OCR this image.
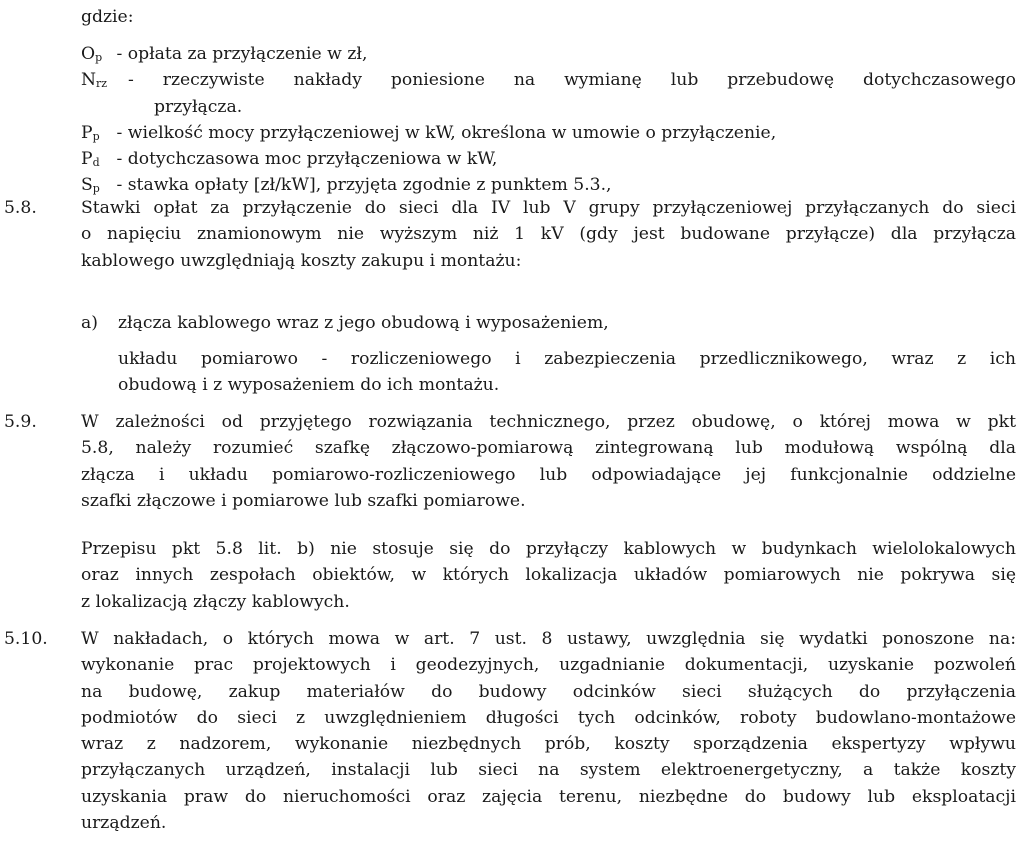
gdzie:
Op - opłata za przyłączenie w zł,
Nrz - rzeczywiste nakłady poniesione na wymianę lub przebudowę dotychczasowego
przyłącza.
Pp - wielkość mocy przyłączeniowej w kW, określona w umowie o przyłączenie,
Pd - dotychczasowa moc przyłączeniowa w kW,
Sp - stawka opłaty [zł/kW], przyjęta zgodnie z punktem 5.3.,
5.8.	Stawki opłat za przyłączenie do sieci dla IV lub V grupy przyłączeniowej przyłączanych do sieci
o napięciu znamionowym nie wyższym niż 1 kV (gdy jest budowane przyłącze) dla przyłącza
kablowego uwzględniają koszty zakupu i montażu:
a) złącza kablowego wraz z jego obudową i wyposażeniem,
układu pomiarowo - rozliczeniowego i zabezpieczenia przedlicznikowego, wraz z ich
obudową i z wyposażeniem do ich montażu.
5.9.	W zależności od przyjętego rozwiązania technicznego, przez obudowę, o której mowa w pkt
5.8, należy rozumieć szafkę złączowo-pomiarową zintegrowaną lub modułową wspólną dla
złącza i układu pomiarowo-rozliczeniowego lub odpowiadające jej funkcjonalnie oddzielne
szafki złączowe i pomiarowe lub szafki pomiarowe.
Przepisu pkt 5.8 lit. b) nie stosuje się do przyłączy kablowych w budynkach wielolokalowych
oraz innych zespołach obiektów, w których lokalizacja układów pomiarowych nie pokrywa się
z lokalizacją złączy kablowych.
5.10. W nakładach, o których mowa w art. 7 ust. 8 ustawy, uwzględnia się wydatki ponoszone na:
wykonanie prac projektowych i geodezyjnych, uzgadnianie dokumentacji, uzyskanie pozwoleń
na budowę, zakup materiałów do budowy odcinków sieci służących do przyłączenia
podmiotów do sieci z uwzględnieniem długości tych odcinków, roboty budowlano-montażowe
wraz z nadzorem, wykonanie niezbędnych prób, koszty sporządzenia ekspertyzy wpływu
przyłączanych urządzeń, instalacji lub sieci na system elektroenergetyczny, a także koszty
uzyskania praw do nieruchomości oraz zajęcia terenu, niezbędne do budowy lub eksploatacji
urządzeń.
